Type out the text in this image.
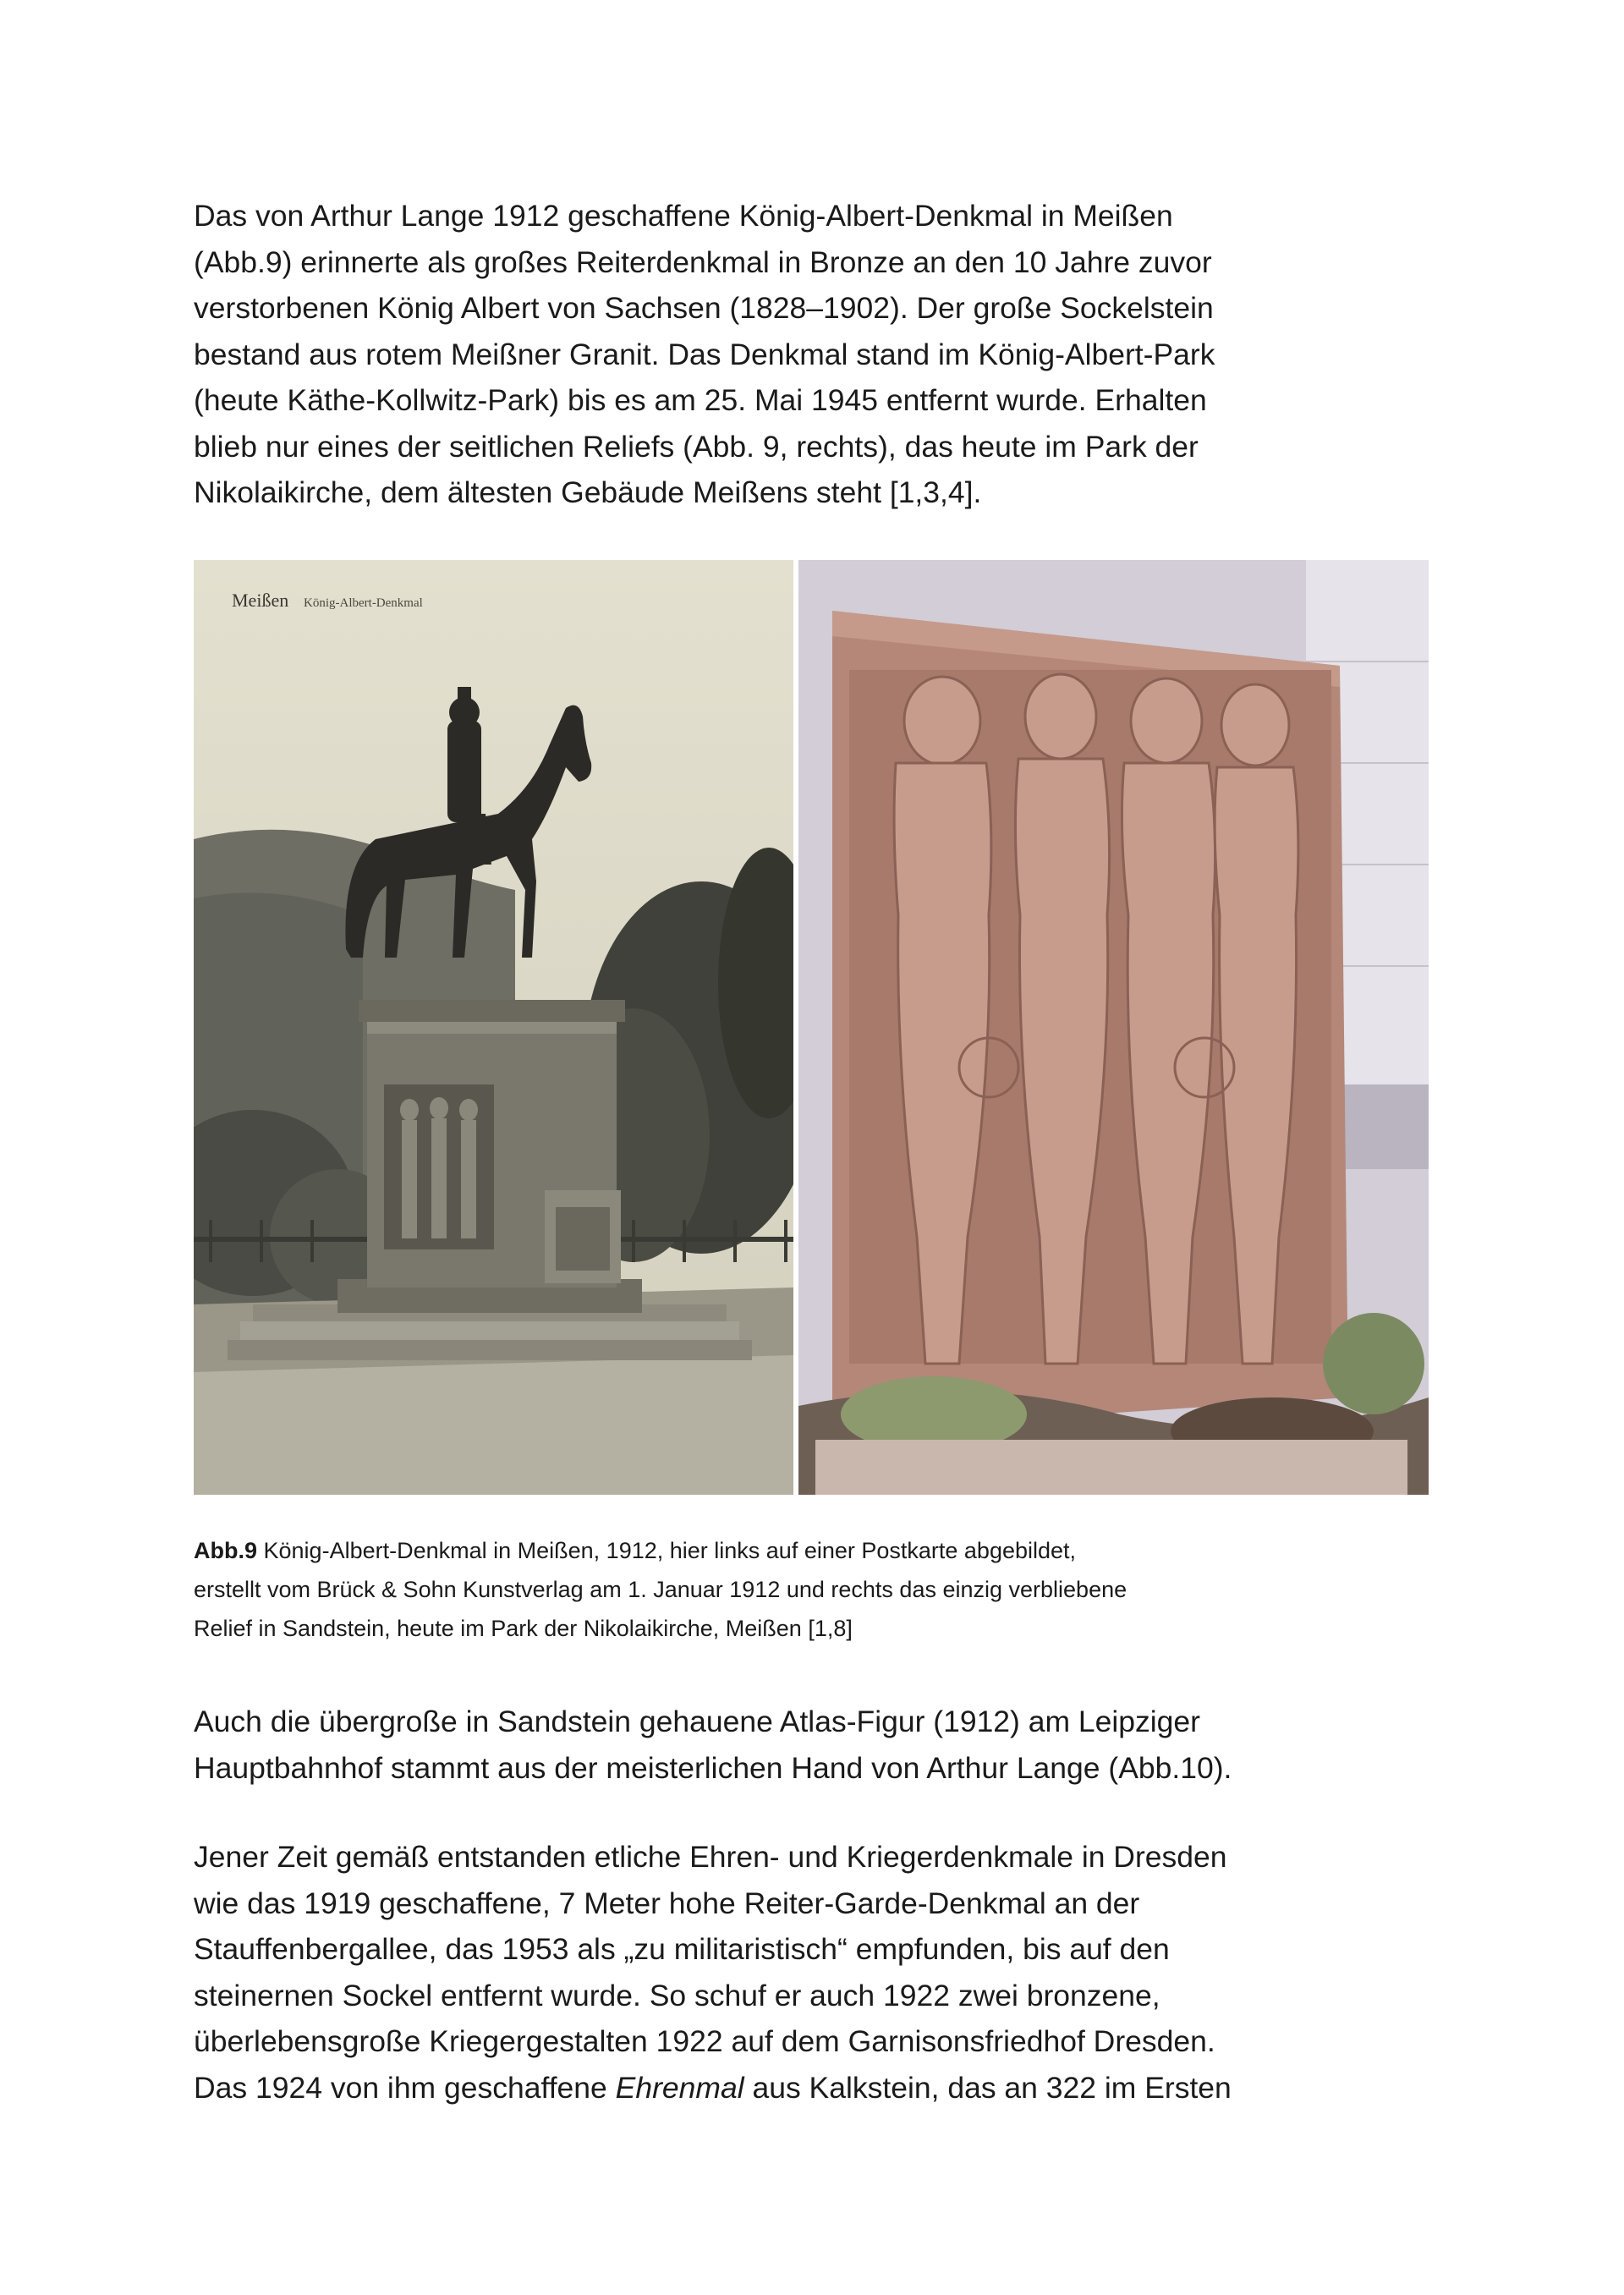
Das von Arthur Lange 1912 geschaffene König-Albert-Denkmal in Meißen
(Abb.9) erinnerte als großes Reiterdenkmal in Bronze an den 10 Jahre zuvor
verstorbenen König Albert von Sachsen (1828–1902). Der große Sockelstein
bestand aus rotem Meißner Granit. Das Denkmal stand im König-Albert-Park
(heute Käthe-Kollwitz-Park) bis es am 25. Mai 1945 entfernt wurde. Erhalten
blieb nur eines der seitlichen Reliefs (Abb. 9, rechts), das heute im Park der
Nikolaikirche, dem ältesten Gebäude Meißens steht [1,3,4].
Meißen König-Albert-Denkmal
Abb.9 König-Albert-Denkmal in Meißen, 1912, hier links auf einer Postkarte abgebildet,
erstellt vom Brück & Sohn Kunstverlag am 1. Januar 1912 und rechts das einzig verbliebene
Relief in Sandstein, heute im Park der Nikolaikirche, Meißen [1,8]
Auch die übergroße in Sandstein gehauene Atlas-Figur (1912) am Leipziger
Hauptbahnhof stammt aus der meisterlichen Hand von Arthur Lange (Abb.10).
Jener Zeit gemäß entstanden etliche Ehren- und Kriegerdenkmale in Dresden
wie das 1919 geschaffene, 7 Meter hohe Reiter-Garde-Denkmal an der
Stauffenbergallee, das 1953 als „zu militaristisch“ empfunden, bis auf den
steinernen Sockel entfernt wurde. So schuf er auch 1922 zwei bronzene,
überlebensgroße Kriegergestalten 1922 auf dem Garnisonsfriedhof Dresden.
Das 1924 von ihm geschaffene Ehrenmal aus Kalkstein, das an 322 im Ersten
